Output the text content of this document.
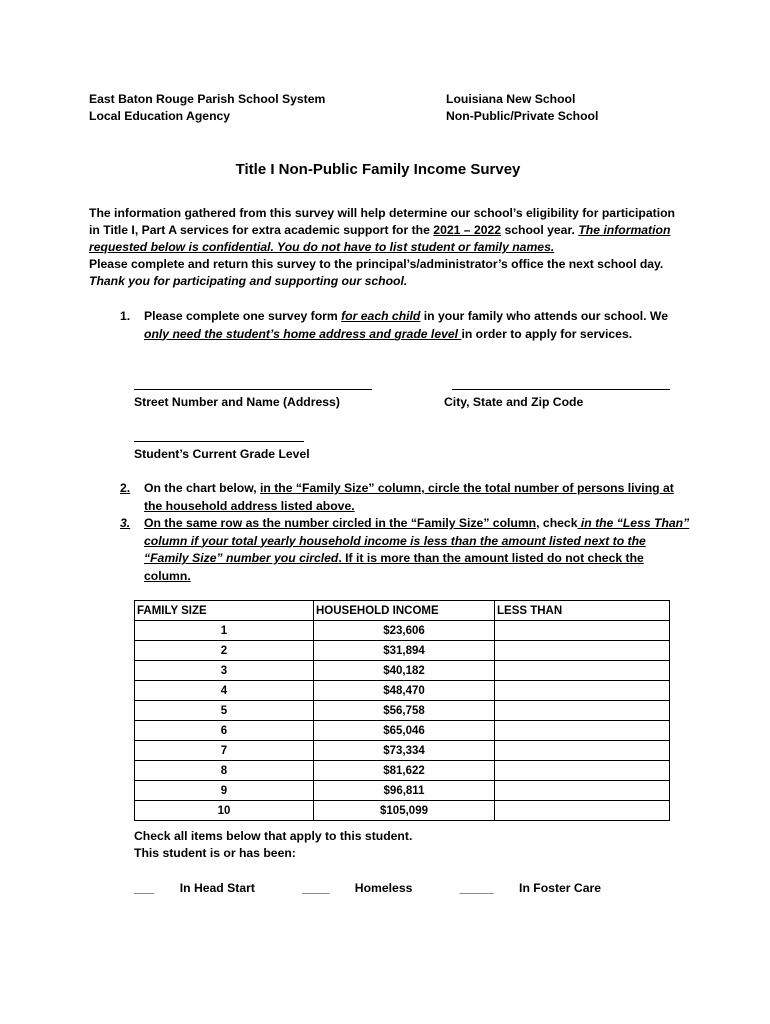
East Baton Rouge Parish School System
Local Education Agency
Louisiana New School
Non-Public/Private School
Title I Non-Public Family Income Survey
The information gathered from this survey will help determine our school’s eligibility for participation
in Title I, Part A services for extra academic support for the 2021 – 2022 school year. The information
requested below is confidential. You do not have to list student or family names.
Please complete and return this survey to the principal’s/administrator’s office the next school day.
Thank you for participating and supporting our school.
1.	Please complete one survey form for each child in your family who attends our school. We
only need the student’s home address and grade level in order to apply for services.
Street Number and Name (Address)	City, State and Zip Code
Student’s Current Grade Level
2.	On the chart below, in the “Family Size” column, circle the total number of persons living at
the household address listed above.
3.	On the same row as the number circled in the “Family Size” column, check in the “Less Than”
column if your total yearly household income is less than the amount listed next to the
“Family Size” number you circled. If it is more than the amount listed do not check the
column.
FAMILY SIZE	HOUSEHOLD INCOME	LESS THAN
1	$23,606	
2	$31,894	
3	$40,182	
4	$48,470	
5	$56,758	
6	$65,046	
7	$73,334	
8	$81,622	
9	$96,811	
10	$105,099	
Check all items below that apply to this student.
This student is or has been:
___ In Head Start	____ Homeless	_____ In Foster Care
